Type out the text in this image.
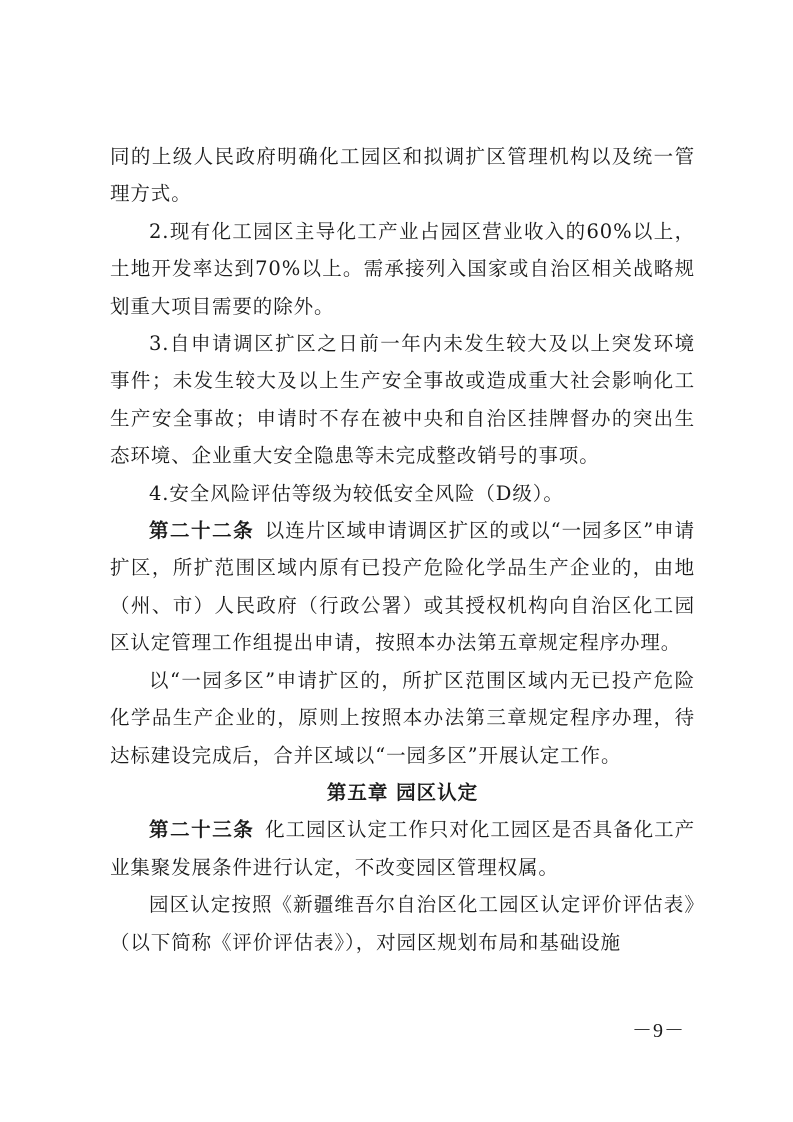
同的上级人民政府明确化工园区和拟调扩区管理机构以及统一管理方式。

2.现有化工园区主导化工产业占园区营业收入的60%以上，土地开发率达到70%以上。需承接列入国家或自治区相关战略规划重大项目需要的除外。

3.自申请调区扩区之日前一年内未发生较大及以上突发环境事件；未发生较大及以上生产安全事故或造成重大社会影响化工生产安全事故；申请时不存在被中央和自治区挂牌督办的突出生态环境、企业重大安全隐患等未完成整改销号的事项。

4.安全风险评估等级为较低安全风险（D级）。

第二十二条  以连片区域申请调区扩区的或以“一园多区”申请扩区，所扩范围区域内原有已投产危险化学品生产企业的，由地（州、市）人民政府（行政公署）或其授权机构向自治区化工园区认定管理工作组提出申请，按照本办法第五章规定程序办理。

以“一园多区”申请扩区的，所扩区范围区域内无已投产危险化学品生产企业的，原则上按照本办法第三章规定程序办理，待达标建设完成后，合并区域以“一园多区”开展认定工作。

第五章 园区认定

第二十三条  化工园区认定工作只对化工园区是否具备化工产业集聚发展条件进行认定，不改变园区管理权属。

园区认定按照《新疆维吾尔自治区化工园区认定评价评估表》（以下简称《评价评估表》），对园区规划布局和基础设施

－9－
